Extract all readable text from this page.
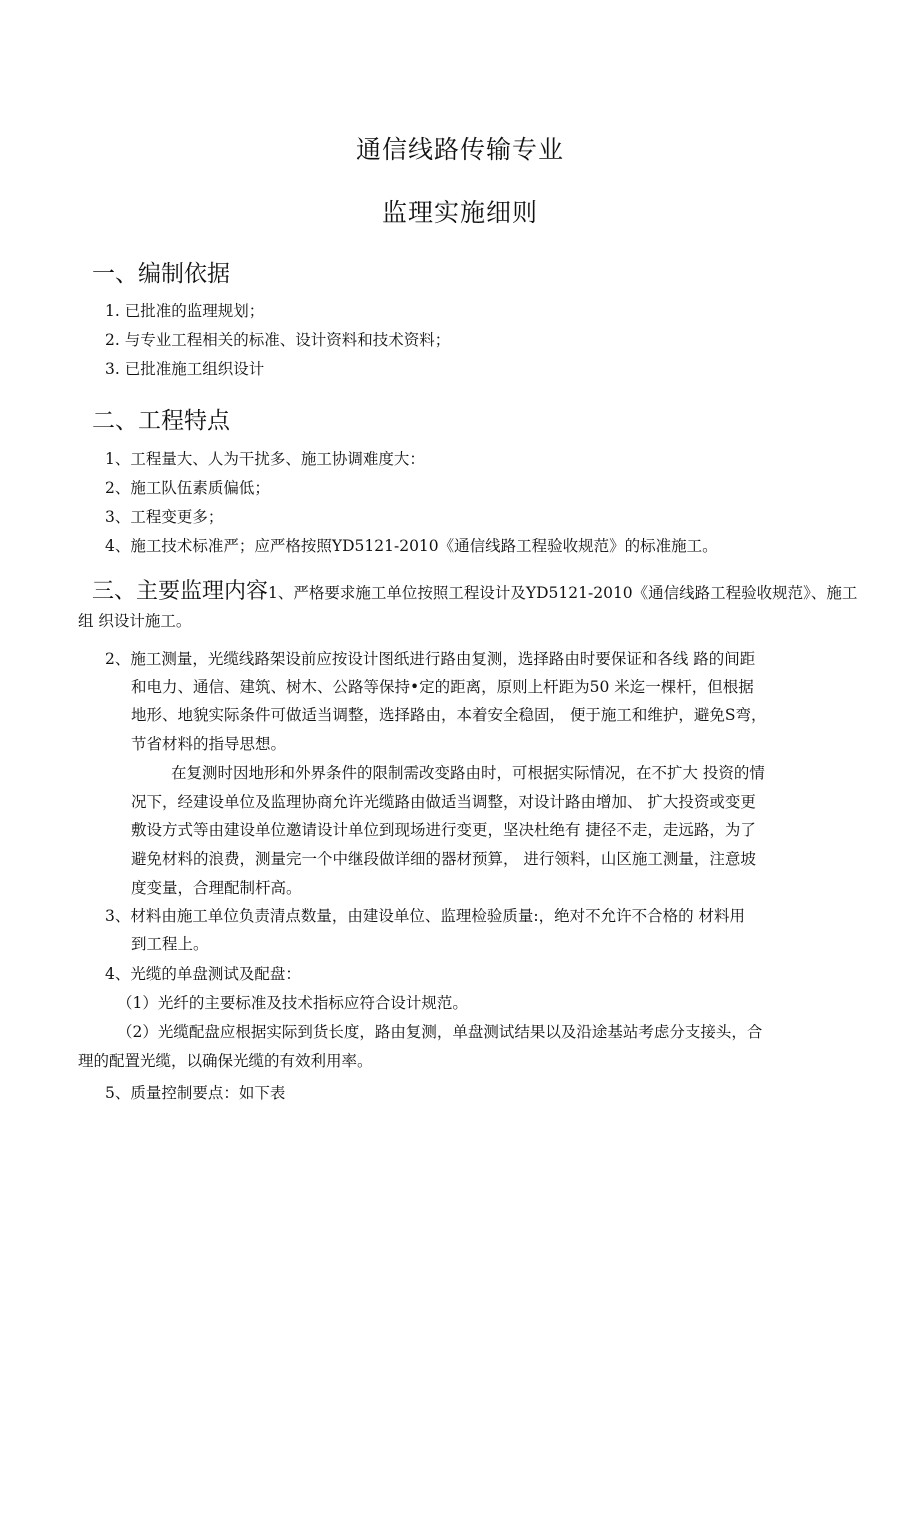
通信线路传输专业
监理实施细则
一、编制依据
1. 已批准的监理规划；
2. 与专业工程相关的标准、设计资料和技术资料；
3. 已批准施工组织设计
二、工程特点
1、工程量大、人为干扰多、施工协调难度大：
2、施工队伍素质偏低；
3、工程变更多；
4、施工技术标准严；应严格按照YD5121-2010《通信线路工程验收规范》的标准施工。
三、主要监理内容1、严格要求施工单位按照工程设计及YD5121-2010《通信线路工程验收规范》、施工组 织设计施工。
2、施工测量，光缆线路架设前应按设计图纸进行路由复测，选择路由时要保证和各线 路的间距
和电力、通信、建筑、树木、公路等保持•定的距离，原则上杆距为50 米迄一棵杆，但根据
地形、地貌实际条件可做适当调整，选择路由，本着安全稳固， 便于施工和维护，避免S弯，
节省材料的指导思想。
在复测时因地形和外界条件的限制需改变路由时，可根据实际情况，在不扩大 投资的情
况下，经建设单位及监理协商允许光缆路由做适当调整，对设计路由增加、 扩大投资或变更
敷设方式等由建设单位邀请设计单位到现场进行变更，坚决杜绝有 捷径不走，走远路，为了
避免材料的浪费，测量完一个中继段做详细的器材预算， 进行领料，山区施工测量，注意坡
度变量，合理配制杆高。
3、材料由施工单位负责清点数量，由建设单位、监理检验质量:，绝对不允许不合格的 材料用
到工程上。
4、光缆的单盘测试及配盘：
（1）光纤的主要标准及技术指标应符合设计规范。
（2）光缆配盘应根据实际到货长度，路由复测，单盘测试结果以及沿途基站考虑分支接头，合
理的配置光缆，以确保光缆的有效利用率。
5、质量控制要点：如下表
